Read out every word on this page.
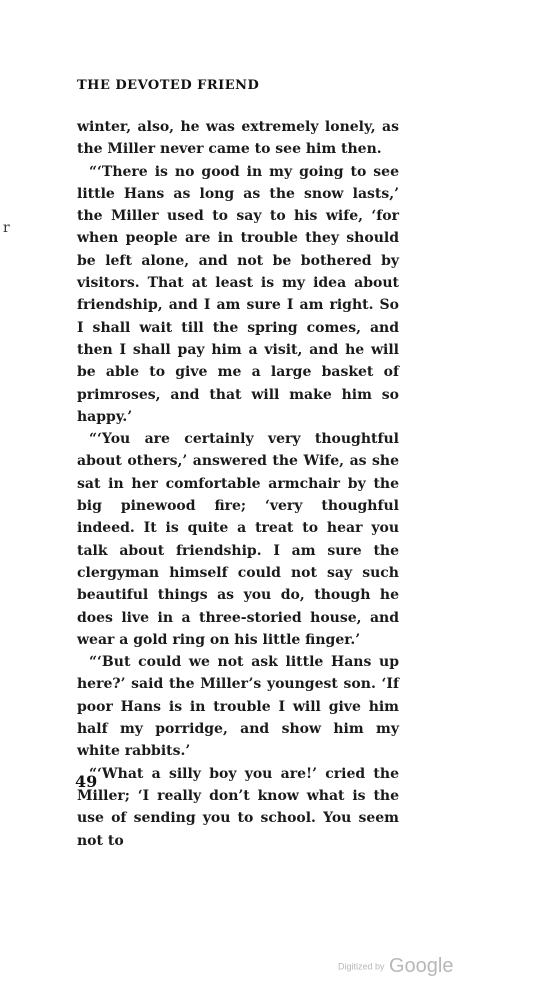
THE DEVOTED FRIEND
r

winter, also, he was extremely lonely, as the Miller never came to see him then.

“‘There is no good in my going to see little Hans as long as the snow lasts,’ the Miller used to say to his wife, ‘for when people are in trouble they should be left alone, and not be bothered by visitors. That at least is my idea about friendship, and I am sure I am right. So I shall wait till the spring comes, and then I shall pay him a visit, and he will be able to give me a large basket of primroses, and that will make him so happy.’

“‘You are certainly very thoughtful about others,’ answered the Wife, as she sat in her comfortable armchair by the big pinewood fire; ‘very thoughful indeed. It is quite a treat to hear you talk about friendship. I am sure the clergyman himself could not say such beautiful things as you do, though he does live in a three-storied house, and wear a gold ring on his little finger.’

“‘But could we not ask little Hans up here?’ said the Miller’s youngest son. ‘If poor Hans is in trouble I will give him half my porridge, and show him my white rabbits.’

“‘What a silly boy you are!’ cried the Miller; ‘I really don’t know what is the use of sending you to school. You seem not to

49
Digitized by Google
